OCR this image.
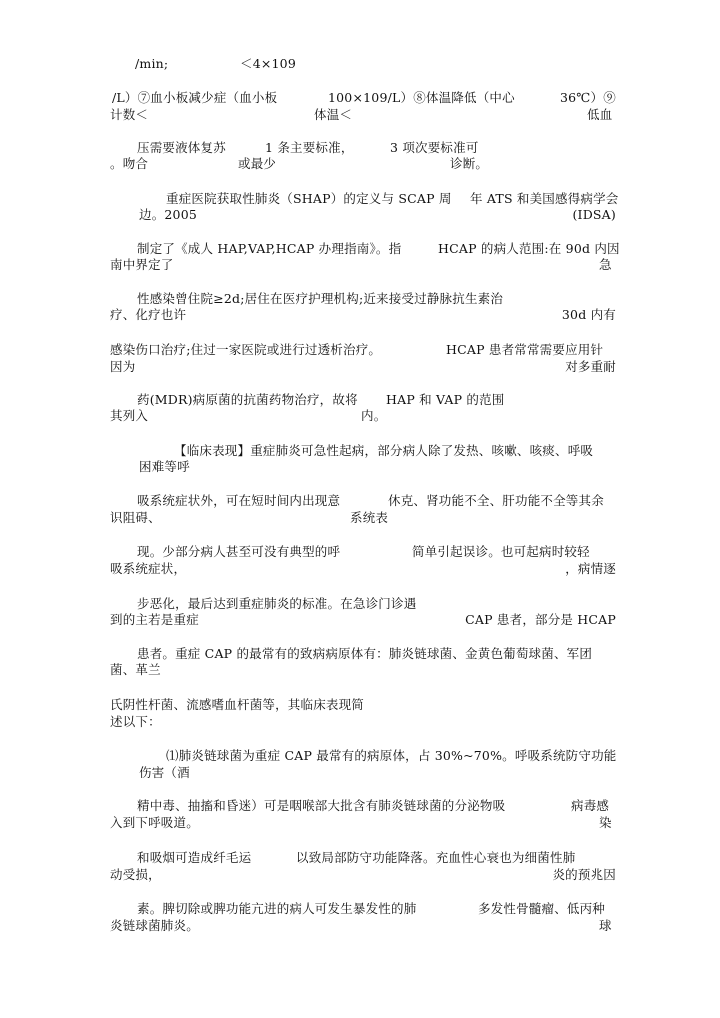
/min;	＜4×109
/L）⑦血小板减少症（血小板	100×109/L）⑧体温降低（中心	36℃）⑨
计数＜	体温＜	低血
压需要液体复苏	1 条主要标准，	3 项次要标准可
。吻合	或最少	诊断。
重症医院获取性肺炎（SHAP）的定义与 SCAP 周 年 ATS 和美国感得病学会
边。2005	(IDSA)
制定了《成人 HAP,VAP,HCAP 办理指南》。指	HCAP 的病人范围:在 90d 内因
南中界定了	急
性感染曾住院≥2d;居住在医疗护理机构;近来接受过静脉抗生素治
疗、化疗也许	30d 内有
感染伤口治疗;住过一家医院或进行过透析治疗。	HCAP 患者常常需要应用针
因为	对多重耐
药(MDR)病原菌的抗菌药物治疗，故将 HAP 和 VAP 的范围
其列入	内。
【临床表现】重症肺炎可急性起病，部分病人除了发热、咳嗽、咳痰、呼吸
困难等呼
吸系统症状外，可在短时间内出现意	休克、肾功能不全、肝功能不全等其余
识阻碍、	系统表
现。少部分病人甚至可没有典型的呼	简单引起误诊。也可起病时较轻
吸系统症状，	，病情逐
步恶化，最后达到重症肺炎的标准。在急诊门诊遇
到的主若是重症	CAP 患者，部分是 HCAP
患者。重症 CAP 的最常有的致病病原体有：肺炎链球菌、金黄色葡萄球菌、军团
菌、革兰
氏阴性杆菌、流感嗜血杆菌等，其临床表现简
述以下：
⑴肺炎链球菌为重症 CAP 最常有的病原体，占 30%~70%。呼吸系统防守功能
伤害（酒
精中毒、抽搐和昏迷）可是咽喉部大批含有肺炎链球菌的分泌物吸	病毒感
入到下呼吸道。	染
和吸烟可造成纤毛运	以致局部防守功能降落。充血性心衰也为细菌性肺
动受损，	炎的预兆因
素。脾切除或脾功能亢进的病人可发生暴发性的肺	多发性骨髓瘤、低丙种
炎链球菌肺炎。	球
